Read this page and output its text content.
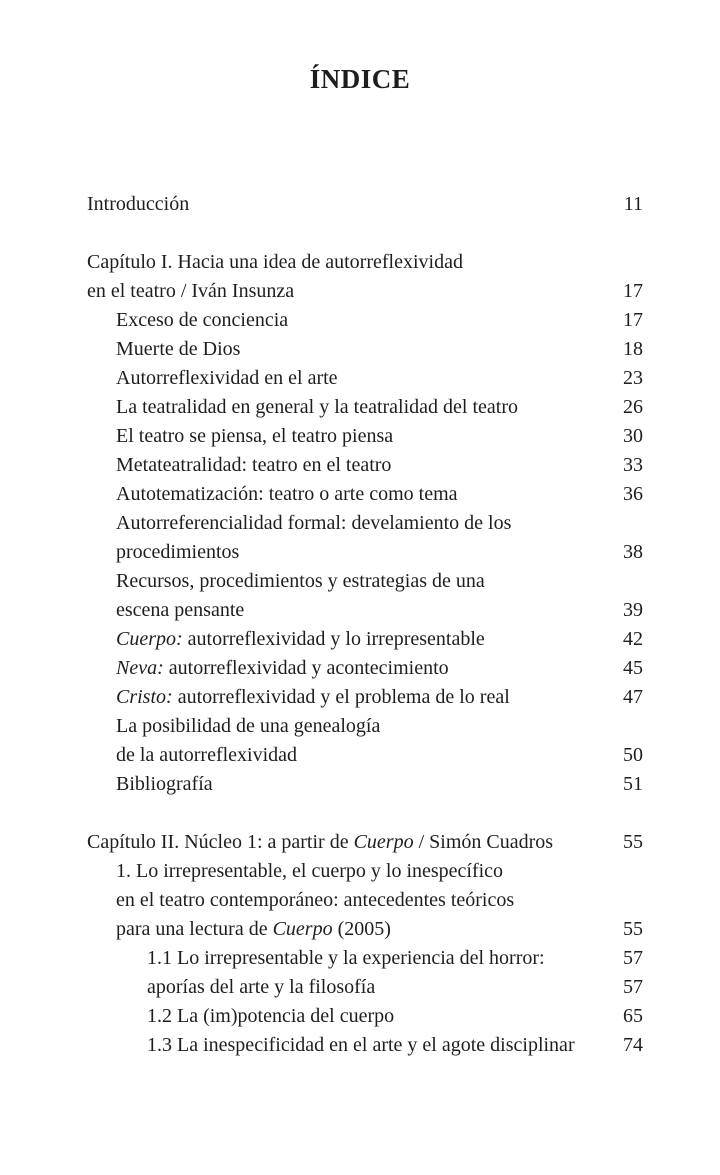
ÍNDICE
Introducción	11
Capítulo I. Hacia una idea de autorreflexividad
en el teatro / Iván Insunza	17
Exceso de conciencia	17
Muerte de Dios	18
Autorreflexividad en el arte	23
La teatralidad en general y la teatralidad del teatro	26
El teatro se piensa, el teatro piensa	30
Metateatralidad: teatro en el teatro	33
Autotematización: teatro o arte como tema	36
Autorreferencialidad formal: develamiento de los
procedimientos	38
Recursos, procedimientos y estrategias de una
escena pensante	39
Cuerpo: autorreflexividad y lo irrepresentable	42
Neva: autorreflexividad y acontecimiento	45
Cristo: autorreflexividad y el problema de lo real	47
La posibilidad de una genealogía
de la autorreflexividad	50
Bibliografía	51
Capítulo II. Núcleo 1: a partir de Cuerpo / Simón Cuadros	55
1. Lo irrepresentable, el cuerpo y lo inespecífico
en el teatro contemporáneo: antecedentes teóricos
para una lectura de Cuerpo (2005)	55
1.1 Lo irrepresentable y la experiencia del horror:	57
aporías del arte y la filosofía	57
1.2 La (im)potencia del cuerpo	65
1.3 La inespecificidad en el arte y el agote disciplinar 74
